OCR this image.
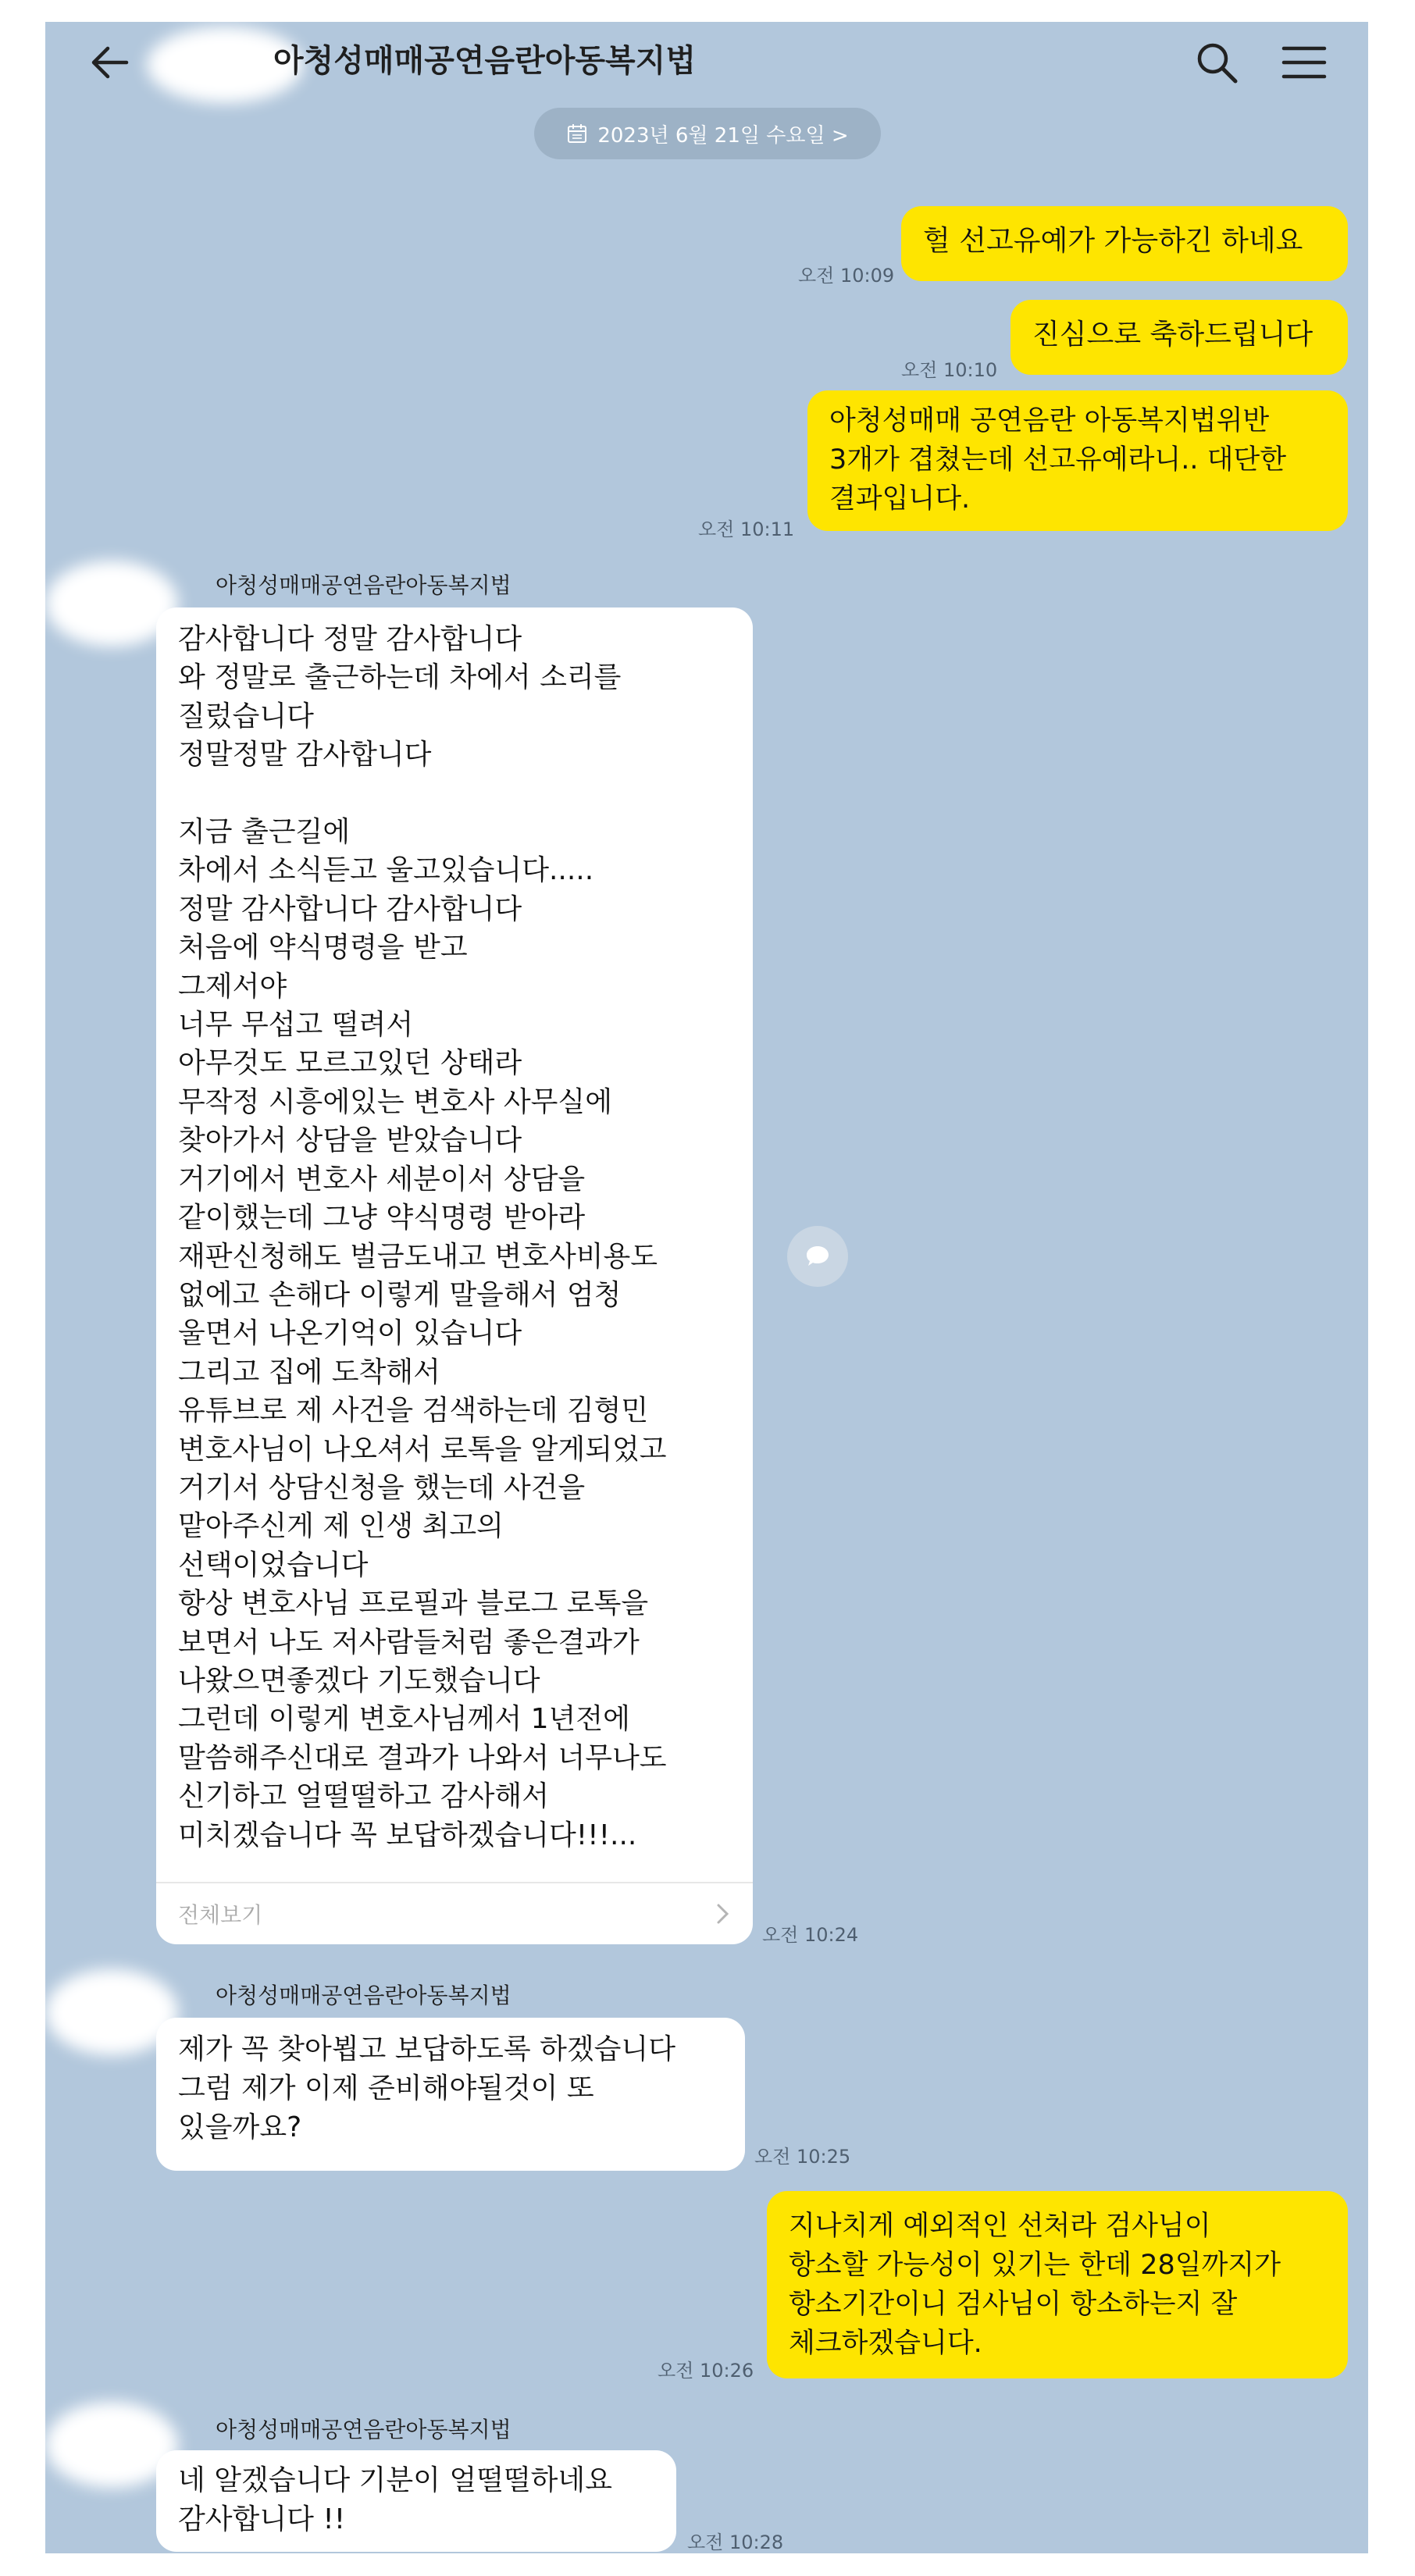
아청성매매공연음란아동복지법
2023년 6월 21일 수요일 >
오전 10:09
헐 선고유예가 가능하긴 하네요
오전 10:10
진심으로 축하드립니다
오전 10:11
아청성매매 공연음란 아동복지법위반
3개가 겹쳤는데 선고유예라니.. 대단한
결과입니다.
아청성매매공연음란아동복지법
감사합니다 정말 감사합니다
와 정말로 출근하는데 차에서 소리를
질렀습니다
정말정말 감사합니다

지금 출근길에
차에서 소식듣고 울고있습니다.....
정말 감사합니다 감사합니다
처음에 약식명령을 받고
그제서야
너무 무섭고 떨려서
아무것도 모르고있던 상태라
무작정 시흥에있는 변호사 사무실에
찾아가서 상담을 받았습니다
거기에서 변호사 세분이서 상담을
같이했는데 그냥 약식명령 받아라
재판신청해도 벌금도내고 변호사비용도
없에고 손해다 이렇게 말을해서 엄청
울면서 나온기억이 있습니다
그리고 집에 도착해서
유튜브로 제 사건을 검색하는데 김형민
변호사님이 나오셔서 로톡을 알게되었고
거기서 상담신청을 했는데 사건을
맡아주신게 제 인생 최고의
선택이었습니다
항상 변호사님 프로필과 블로그 로톡을
보면서 나도 저사람들처럼 좋은결과가
나왔으면좋겠다 기도했습니다
그런데 이렇게 변호사님께서 1년전에
말씀해주신대로 결과가 나와서 너무나도
신기하고 얼떨떨하고 감사해서
미치겠습니다 꼭 보답하겠습니다!!!...
전체보기
오전 10:24
아청성매매공연음란아동복지법
제가 꼭 찾아뵙고 보답하도록 하겠습니다
그럼 제가 이제 준비해야될것이 또
있을까요?
오전 10:25
오전 10:26
지나치게 예외적인 선처라 검사님이
항소할 가능성이 있기는 한데 28일까지가
항소기간이니 검사님이 항소하는지 잘
체크하겠습니다.
아청성매매공연음란아동복지법
네 알겠습니다 기분이 얼떨떨하네요
감사합니다 !!
오전 10:28
